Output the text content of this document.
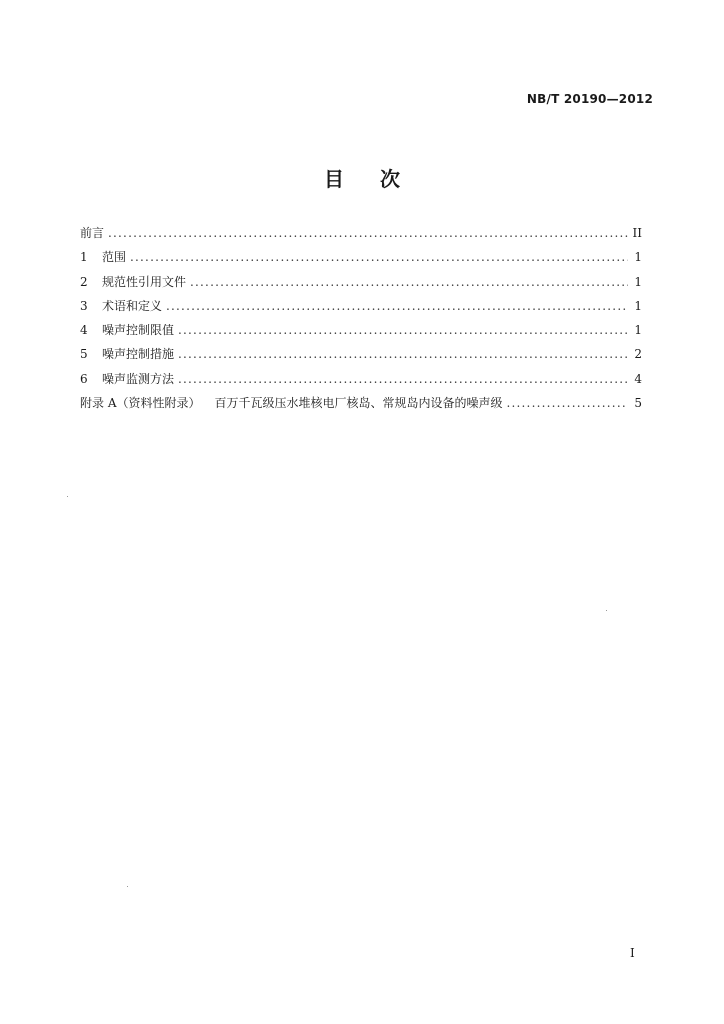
NB/T 20190—2012
目 次
前言 .....	II
1	范围 .....	1
2	规范性引用文件 .....	1
3	术语和定义 .....	1
4	噪声控制限值 .....	1
5	噪声控制措施 .....	2
6	噪声监测方法 .....	4
附录 A（资料性附录） 百万千瓦级压水堆核电厂核岛、常规岛内设备的噪声级 .....	5
I
